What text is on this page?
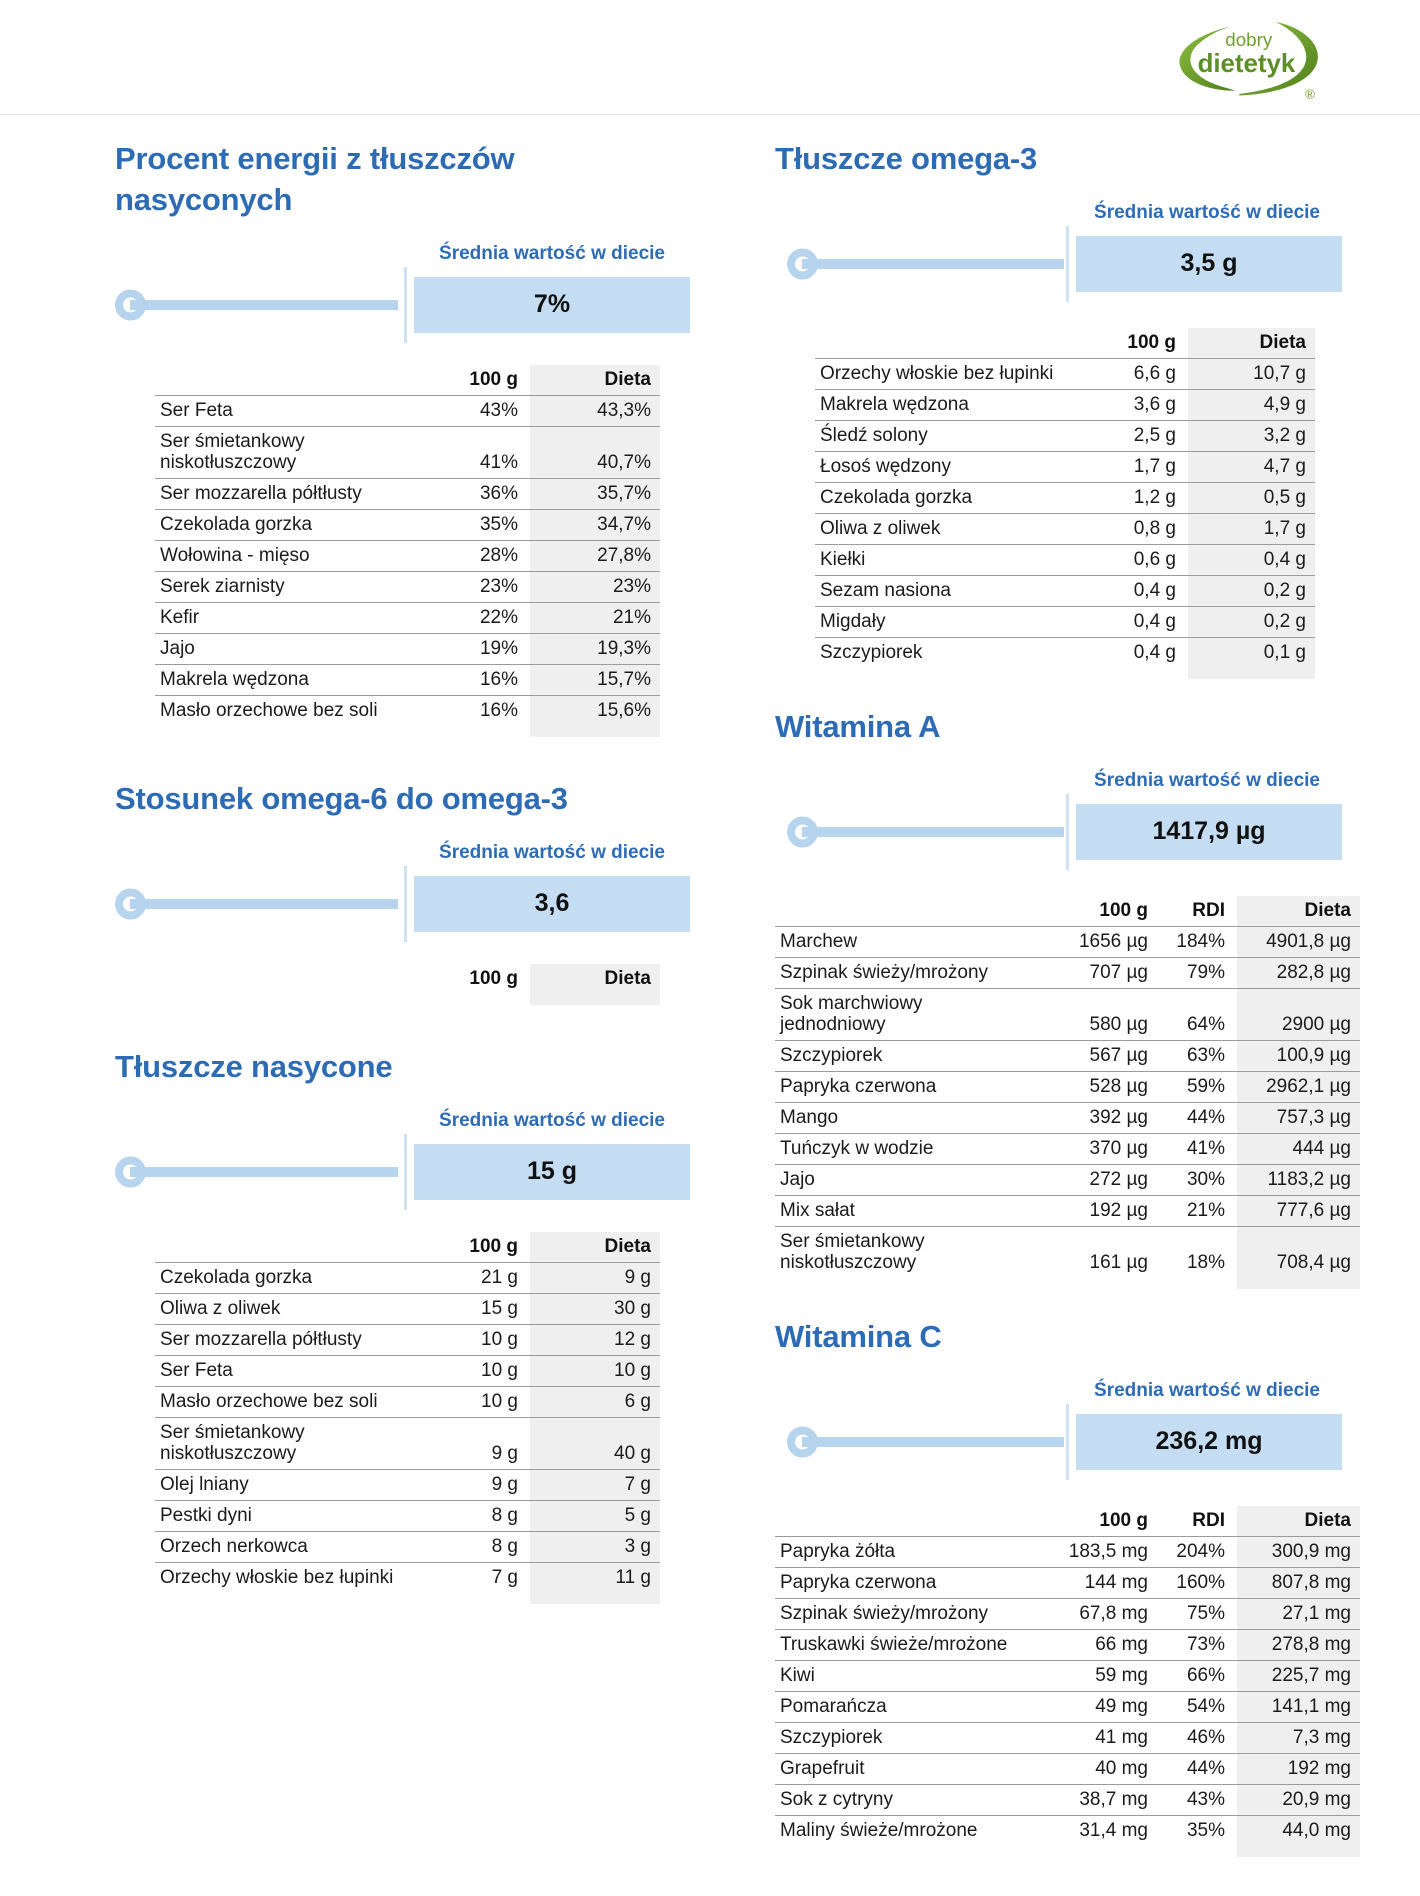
dobry
dietetyk
®
Procent energii z tłuszczów nasyconych
Średnia wartość w diecie
7%
	100 g	Dieta
Ser Feta	43%	43,3%
Ser śmietankowy niskotłuszczowy	41%	40,7%
Ser mozzarella półtłusty	36%	35,7%
Czekolada gorzka	35%	34,7%
Wołowina - mięso	28%	27,8%
Serek ziarnisty	23%	23%
Kefir	22%	21%
Jajo	19%	19,3%
Makrela wędzona	16%	15,7%
Masło orzechowe bez soli	16%	15,6%

Stosunek omega-6 do omega-3
Średnia wartość w diecie
3,6
	100 g	Dieta

Tłuszcze nasycone
Średnia wartość w diecie
15 g
	100 g	Dieta
Czekolada gorzka	21 g	9 g
Oliwa z oliwek	15 g	30 g
Ser mozzarella półtłusty	10 g	12 g
Ser Feta	10 g	10 g
Masło orzechowe bez soli	10 g	6 g
Ser śmietankowy niskotłuszczowy	9 g	40 g
Olej lniany	9 g	7 g
Pestki dyni	8 g	5 g
Orzech nerkowca	8 g	3 g
Orzechy włoskie bez łupinki	7 g	11 g

Tłuszcze omega-3
Średnia wartość w diecie
3,5 g
	100 g	Dieta
Orzechy włoskie bez łupinki	6,6 g	10,7 g
Makrela wędzona	3,6 g	4,9 g
Śledź solony	2,5 g	3,2 g
Łosoś wędzony	1,7 g	4,7 g
Czekolada gorzka	1,2 g	0,5 g
Oliwa z oliwek	0,8 g	1,7 g
Kiełki	0,6 g	0,4 g
Sezam nasiona	0,4 g	0,2 g
Migdały	0,4 g	0,2 g
Szczypiorek	0,4 g	0,1 g

Witamina A
Średnia wartość w diecie
1417,9 µg
	100 g	RDI	Dieta
Marchew	1656 µg	184%	4901,8 µg
Szpinak świeży/mrożony	707 µg	79%	282,8 µg
Sok marchwiowy jednodniowy	580 µg	64%	2900 µg
Szczypiorek	567 µg	63%	100,9 µg
Papryka czerwona	528 µg	59%	2962,1 µg
Mango	392 µg	44%	757,3 µg
Tuńczyk w wodzie	370 µg	41%	444 µg
Jajo	272 µg	30%	1183,2 µg
Mix sałat	192 µg	21%	777,6 µg
Ser śmietankowy niskotłuszczowy	161 µg	18%	708,4 µg

Witamina C
Średnia wartość w diecie
236,2 mg
	100 g	RDI	Dieta
Papryka żółta	183,5 mg	204%	300,9 mg
Papryka czerwona	144 mg	160%	807,8 mg
Szpinak świeży/mrożony	67,8 mg	75%	27,1 mg
Truskawki świeże/mrożone	66 mg	73%	278,8 mg
Kiwi	59 mg	66%	225,7 mg
Pomarańcza	49 mg	54%	141,1 mg
Szczypiorek	41 mg	46%	7,3 mg
Grapefruit	40 mg	44%	192 mg
Sok z cytryny	38,7 mg	43%	20,9 mg
Maliny świeże/mrożone	31,4 mg	35%	44,0 mg
